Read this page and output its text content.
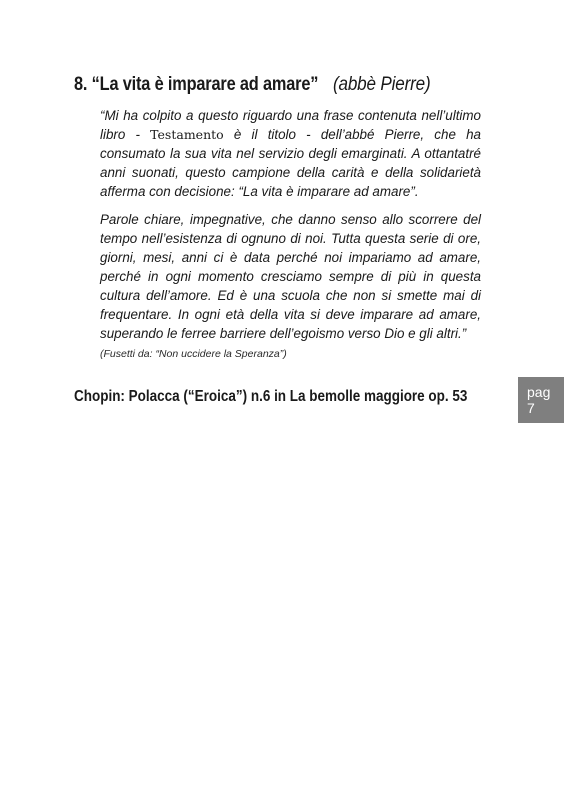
8. “La vita è imparare ad amare” (abbè Pierre)

“Mi ha colpito a questo riguardo una frase contenuta nell’ultimo libro - Testamento è il titolo - dell’abbé Pierre, che ha consumato la sua vita nel servizio degli emarginati. A ottantatré anni suonati, questo campione della carità e della solidarietà afferma con decisione: “La vita è imparare ad amare”.

Parole chiare, impegnative, che danno senso allo scorrere del tempo nell’esistenza di ognuno di noi. Tutta questa serie di ore, giorni, mesi, anni ci è data perché noi impariamo ad amare, perché in ogni momento cresciamo sempre di più in questa cultura dell’amore. Ed è una scuola che non si smette mai di frequentare. In ogni età della vita si deve imparare ad amare, superando le ferree barriere dell’egoismo verso Dio e gli altri.”

(Fusetti da: “Non uccidere la Speranza”)
Chopin: Polacca (“Eroica”) n.6 in La bemolle maggiore op. 53	pag
7
